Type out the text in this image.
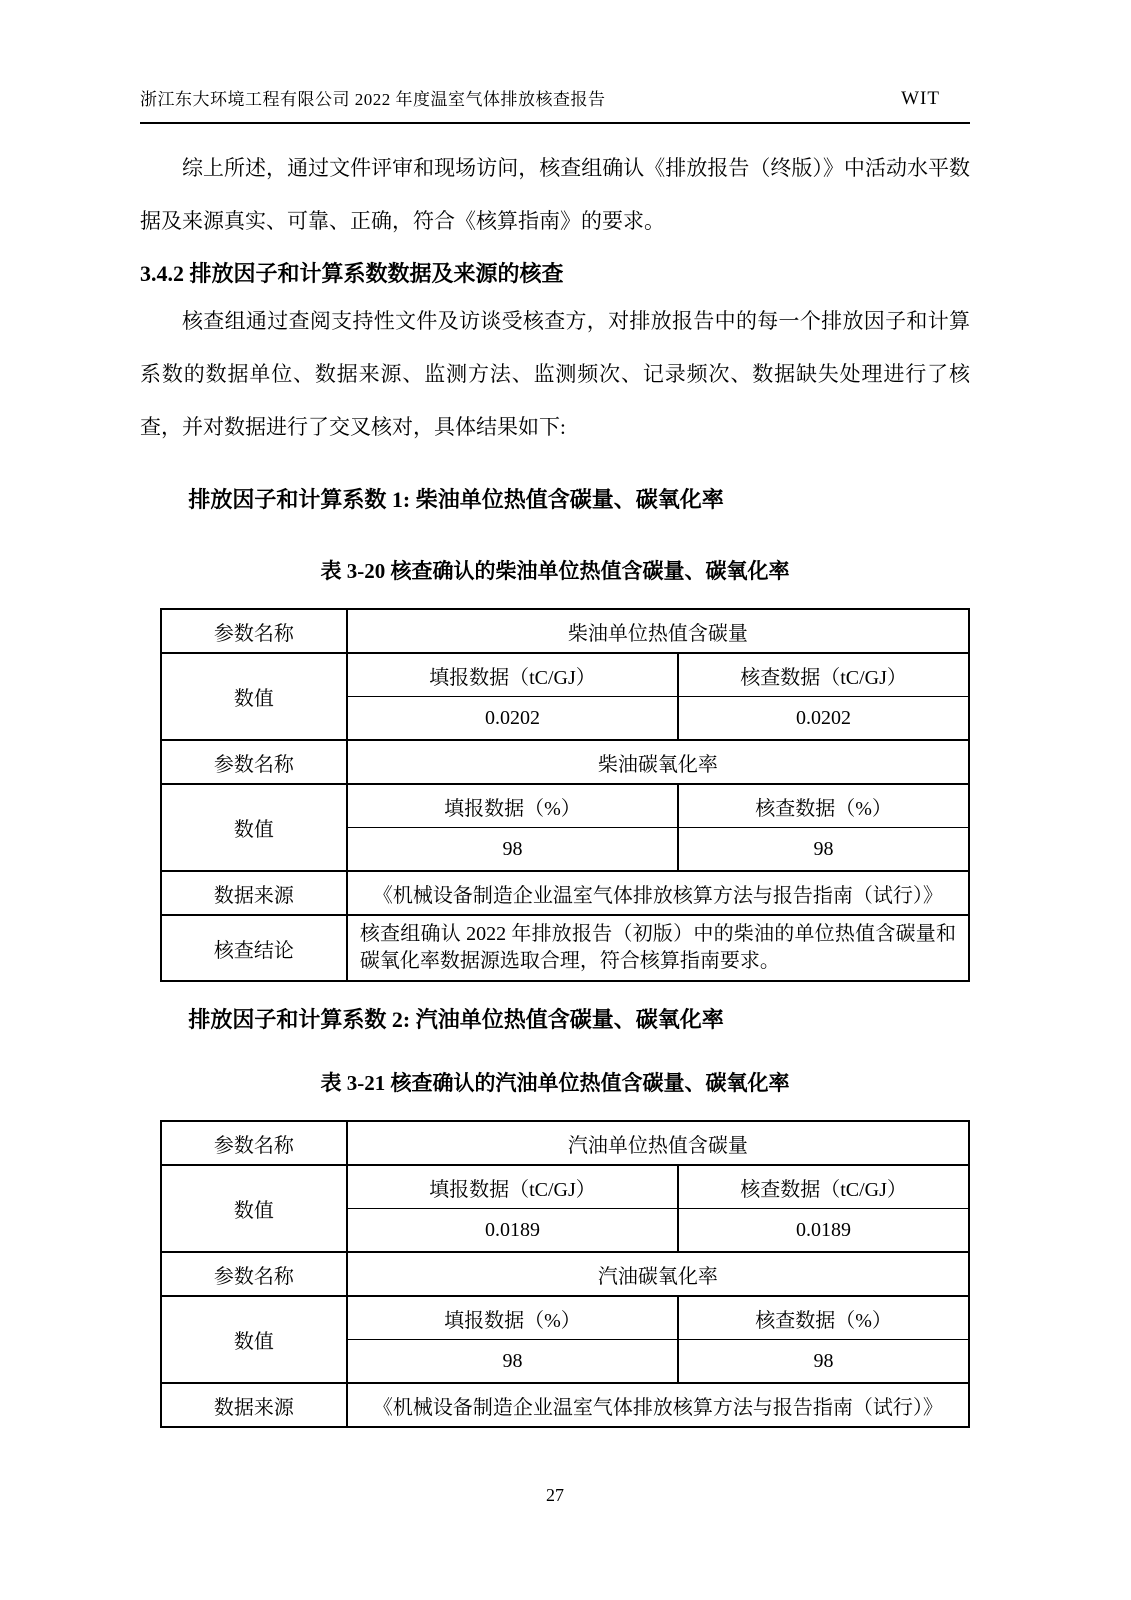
浙江东大环境工程有限公司 2022 年度温室气体排放核查报告	WIT

综上所述，通过文件评审和现场访问，核查组确认《排放报告（终版）》中活动水平数据及来源真实、可靠、正确，符合《核算指南》的要求。

3.4.2 排放因子和计算系数数据及来源的核查

核查组通过查阅支持性文件及访谈受核查方，对排放报告中的每一个排放因子和计算系数的数据单位、数据来源、监测方法、监测频次、记录频次、数据缺失处理进行了核查，并对数据进行了交叉核对，具体结果如下:

排放因子和计算系数 1: 柴油单位热值含碳量、碳氧化率
表 3-20 核查确认的柴油单位热值含碳量、碳氧化率
参数名称	柴油单位热值含碳量	
数值	填报数据（tC/GJ）	核查数据（tC/GJ）
	0.0202	0.0202
参数名称	柴油碳氧化率	
数值	填报数据（%）	核查数据（%）
	98	98
数据来源	《机械设备制造企业温室气体排放核算方法与报告指南（试行）》	
核查结论	核查组确认 2022 年排放报告（初版）中的柴油的单位热值含碳量和碳氧化率数据源选取合理，符合核算指南要求。	
排放因子和计算系数 2: 汽油单位热值含碳量、碳氧化率
表 3-21 核查确认的汽油单位热值含碳量、碳氧化率
参数名称	汽油单位热值含碳量	
数值	填报数据（tC/GJ）	核查数据（tC/GJ）
	0.0189	0.0189
参数名称	汽油碳氧化率	
数值	填报数据（%）	核查数据（%）
	98	98
数据来源	《机械设备制造企业温室气体排放核算方法与报告指南（试行）》	
27
